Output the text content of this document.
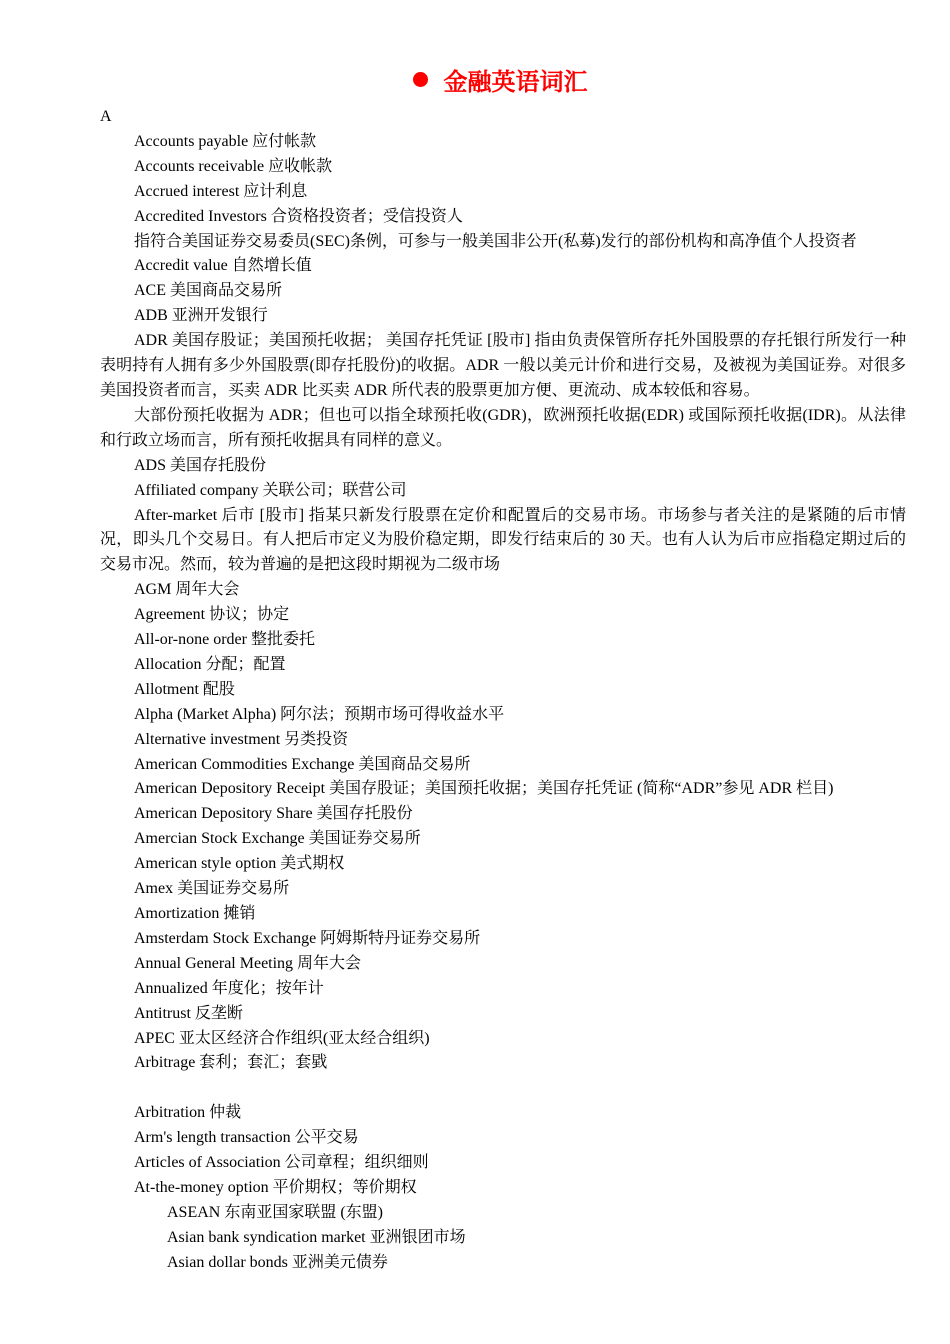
金融英语词汇
A
Accounts payable 应付帐款
Accounts receivable 应收帐款
Accrued interest 应计利息
Accredited Investors 合资格投资者；受信投资人
指符合美国证券交易委员(SEC)条例，可参与一般美国非公开(私募)发行的部份机构和高净值个人投资者
Accredit value 自然增长值
ACE 美国商品交易所
ADB 亚洲开发银行
ADR 美国存股证；美国预托收据； 美国存托凭证 [股市] 指由负责保管所存托外国股票的存托银行所发行一种表明持有人拥有多少外国股票(即存托股份)的收据。ADR 一般以美元计价和进行交易，及被视为美国证券。对很多美国投资者而言，买卖 ADR 比买卖 ADR 所代表的股票更加方便、更流动、成本较低和容易。
大部份预托收据为 ADR；但也可以指全球预托收(GDR)，欧洲预托收据(EDR) 或国际预托收据(IDR)。从法律和行政立场而言，所有预托收据具有同样的意义。
ADS 美国存托股份
Affiliated company 关联公司；联营公司
After-market 后市 [股市] 指某只新发行股票在定价和配置后的交易市场。市场参与者关注的是紧随的后市情况，即头几个交易日。有人把后市定义为股价稳定期，即发行结束后的 30 天。也有人认为后市应指稳定期过后的交易市况。然而，较为普遍的是把这段时期视为二级市场
AGM 周年大会
Agreement 协议；协定
All-or-none order 整批委托
Allocation 分配；配置
Allotment 配股
Alpha (Market Alpha) 阿尔法；预期市场可得收益水平
Alternative investment 另类投资
American Commodities Exchange 美国商品交易所
American Depository Receipt 美国存股证；美国预托收据；美国存托凭证 (简称“ADR”参见 ADR 栏目)
American Depository Share 美国存托股份
Amercian Stock Exchange 美国证券交易所
American style option 美式期权
Amex 美国证券交易所
Amortization 摊销
Amsterdam Stock Exchange 阿姆斯特丹证券交易所
Annual General Meeting 周年大会
Annualized 年度化；按年计
Antitrust 反垄断
APEC 亚太区经济合作组织(亚太经合组织)
Arbitrage 套利；套汇；套戥
Arbitration 仲裁
Arm's length transaction 公平交易
Articles of Association 公司章程；组织细则
At-the-money option 平价期权；等价期权
ASEAN 东南亚国家联盟 (东盟)
Asian bank syndication market 亚洲银团市场
Asian dollar bonds 亚洲美元债券
